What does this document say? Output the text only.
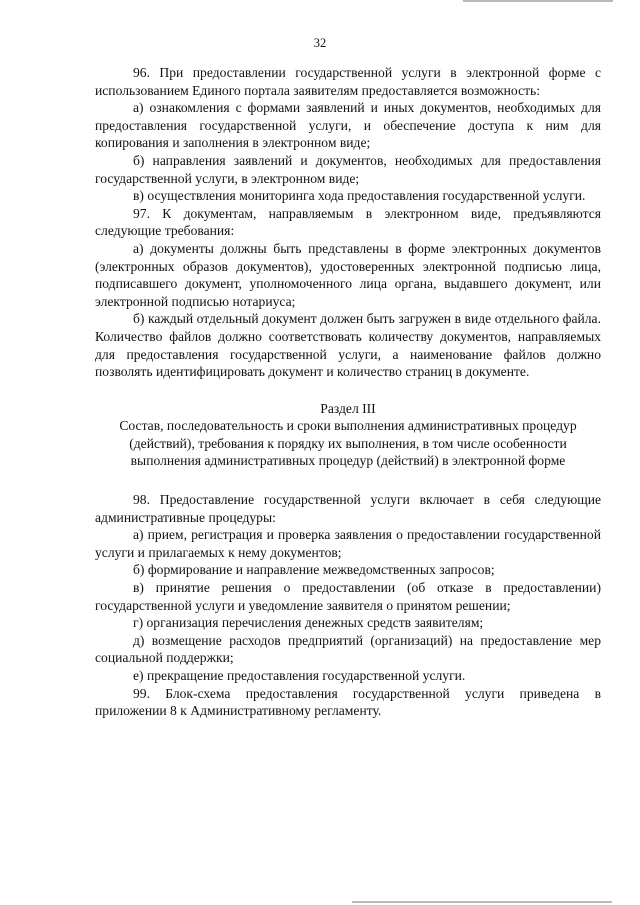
32

96. При предоставлении государственной услуги в электронной форме с использованием Единого портала заявителям предоставляется возможность:

а) ознакомления с формами заявлений и иных документов, необходимых для предоставления государственной услуги, и обеспечение доступа к ним для копирования и заполнения в электронном виде;

б) направления заявлений и документов, необходимых для предоставления государственной услуги, в электронном виде;

в) осуществления мониторинга хода предоставления государственной услуги.

97. К документам, направляемым в электронном виде, предъявляются следующие требования:

а) документы должны быть представлены в форме электронных документов (электронных образов документов), удостоверенных электронной подписью лица, подписавшего документ, уполномоченного лица органа, выдавшего документ, или электронной подписью нотариуса;

б) каждый отдельный документ должен быть загружен в виде отдельного файла. Количество файлов должно соответствовать количеству документов, направляемых для предоставления государственной услуги, а наименование файлов должно позволять идентифицировать документ и количество страниц в документе.

Раздел III

Состав, последовательность и сроки выполнения административных процедур (действий), требования к порядку их выполнения, в том числе особенности выполнения административных процедур (действий) в электронной форме

98. Предоставление государственной услуги включает в себя следующие административные процедуры:

а) прием, регистрация и проверка заявления о предоставлении государственной услуги и прилагаемых к нему документов;

б) формирование и направление межведомственных запросов;

в) принятие решения о предоставлении (об отказе в предоставлении) государственной услуги и уведомление заявителя о принятом решении;

г) организация перечисления денежных средств заявителям;

д) возмещение расходов предприятий (организаций) на предоставление мер социальной поддержки;

е) прекращение предоставления государственной услуги.

99. Блок-схема предоставления государственной услуги приведена в приложении 8 к Административному регламенту.
